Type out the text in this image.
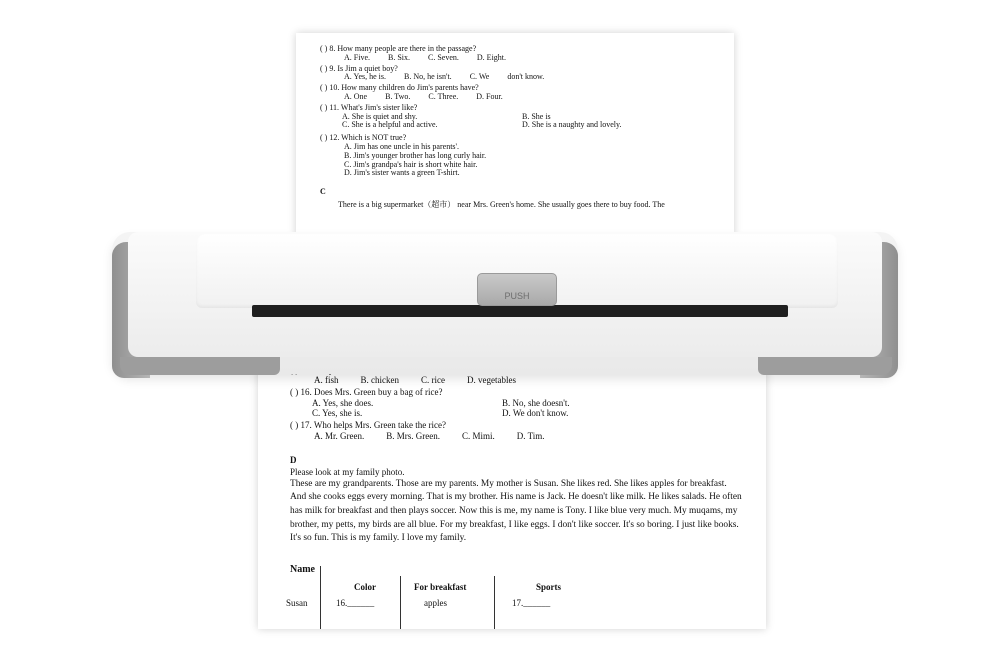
( ) 8. How many people are there in the passage?

A. Five. B. Six. C. Seven. D. Eight.

( ) 9. Is Jim a quiet boy?

A. Yes, he is. B. No, he isn't. C. We don't know.

( ) 10. How many children do Jim's parents have?

A. One B. Two. C. Three. D. Four.

( ) 11. What's Jim's sister like?

A. She is quiet and shy.	B. She is
C. She is a helpful and active.	D. She is a naughty and lovely.

( ) 12. Which is NOT true?

A. Jim has one uncle in his parents'.
B. Jim's younger brother has long curly hair.
C. Jim's grandpa's hair is short white hair.
D. Jim's sister wants a green T-shirt.
C

There is a big supermarket（超市） near Mrs. Green's home. She usually goes there to buy food. The

A. fish B. chicken C. rice D. vegetables

( ) 16. Does Mrs. Green buy a bag of rice?

A. Yes, she does.	B. No, she doesn't.
C. Yes, she is.	D. We don't know.

( ) 17. Who helps Mrs. Green take the rice?

A. Mr. Green. B. Mrs. Green. C. Mimi. D. Tim.
D

Please look at my family photo.

These are my grandparents. Those are my parents. My mother is Susan. She likes red. She likes apples for breakfast. And she cooks eggs every morning. That is my brother. His name is Jack. He doesn't like milk. He likes salads. He often has milk for breakfast and then plays soccer. Now this is me, my name is Tony. I like blue very much. My muqams, my brother, my petts, my birds are all blue. For my breakfast, I like eggs. I don't like soccer. It's so boring. I just like books. It's so fun. This is my family. I love my family.

Name
Color	For breakfast	Sports
Susan	16.______	apples	17.______
PUSH
